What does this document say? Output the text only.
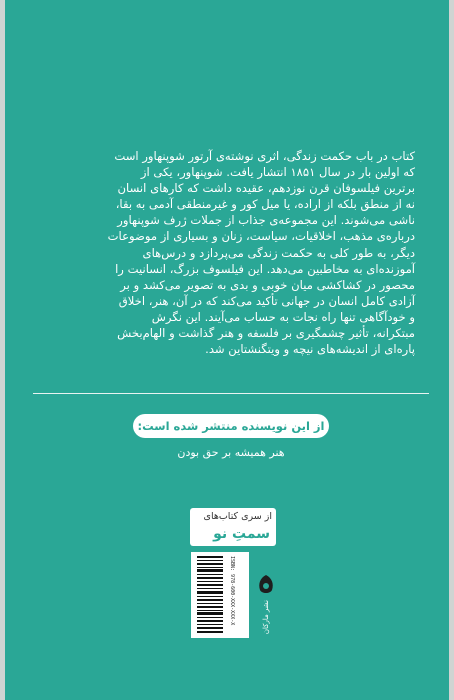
کتاب در باب حکمت زندگی، اثری نوشته‌ی آرتور شوپنهاور است
که اولین بار در سال ۱۸۵۱ انتشار یافت. شوپنهاور، یکی از
برترین فیلسوفان قرن نوزدهم، عقیده داشت که کارهای انسان
نه از منطق بلکه از اراده، یا میل کور و غیرمنطقی آدمی به بقا،
ناشی می‌شوند. این مجموعه‌ی جذاب از جملات ژرف شوپنهاور
درباره‌ی مذهب، اخلاقیات، سیاست، زنان و بسیاری از موضوعات
دیگر، به طور کلی به حکمت زندگی می‌پردازد و درس‌های
آموزنده‌ای به مخاطبین می‌دهد. این فیلسوف بزرگ، انسانیت را
محصور در کشاکشی میان خوبی و بدی به تصویر می‌کشد و بر
آزادی کامل انسان در جهانی تأکید می‌کند که در آن، هنر، اخلاق
و خودآگاهی تنها راه نجات به حساب می‌آیند. این نگرش
مبتکرانه، تأثیر چشمگیری بر فلسفه و هنر گذاشت و الهام‌بخش
پاره‌ای از اندیشه‌های نیچه و ویتگنشتاین شد.

از این نویسنده منتشر شده است:
هنر همیشه بر حق بودن
از سری کتاب‌های
سمتِ نو
ISBN: 978-600-XXX-XXX-X	نشر مارکان
